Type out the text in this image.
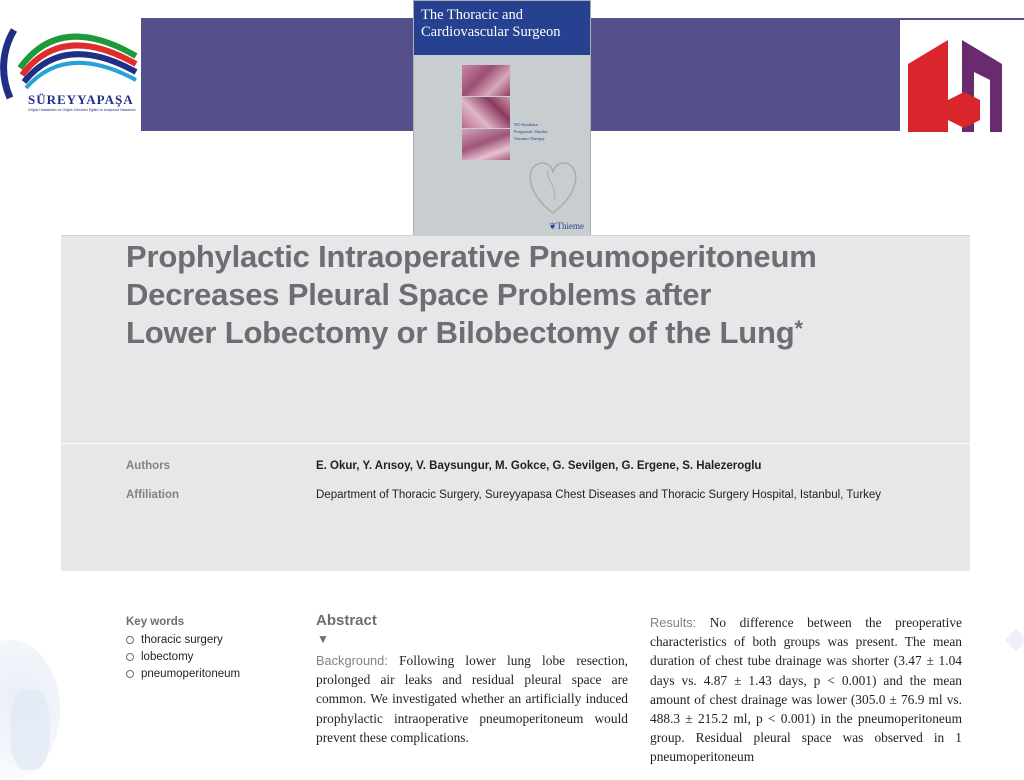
SÜREYYAPAŞA
Göğüs Hastalıkları ve Göğüs Cerrahisi Eğitim ve Araştırma Hastanesi
The Thoracic and
Cardiovascular Surgeon
NO Synthase
Prognostic Studies
Vacuum Therapy
❦Thieme
Prophylactic Intraoperative Pneumoperitoneum
Decreases Pleural Space Problems after
Lower Lobectomy or Bilobectomy of the Lung*
Authors	E. Okur, Y. Arısoy, V. Baysungur, M. Gokce, G. Sevilgen, G. Ergene, S. Halezeroglu
Affiliation	Department of Thoracic Surgery, Sureyyapasa Chest Diseases and Thoracic Surgery Hospital, Istanbul, Turkey
Key words
thoracic surgery
lobectomy
pneumoperitoneum
Abstract
▼
Background: Following lower lung lobe resection, prolonged air leaks and residual pleural space are common. We investigated whether an artificially induced prophylactic intraoperative pneumoperitoneum would prevent these complications.
Results: No difference between the preoperative characteristics of both groups was present. The mean duration of chest tube drainage was shorter (3.47 ± 1.04 days vs. 4.87 ± 1.43 days, p < 0.001) and the mean amount of chest drainage was lower (305.0 ± 76.9 ml vs. 488.3 ± 215.2 ml, p < 0.001) in the pneumoperitoneum group. Residual pleural space was observed in 1 pneumoperitoneum
